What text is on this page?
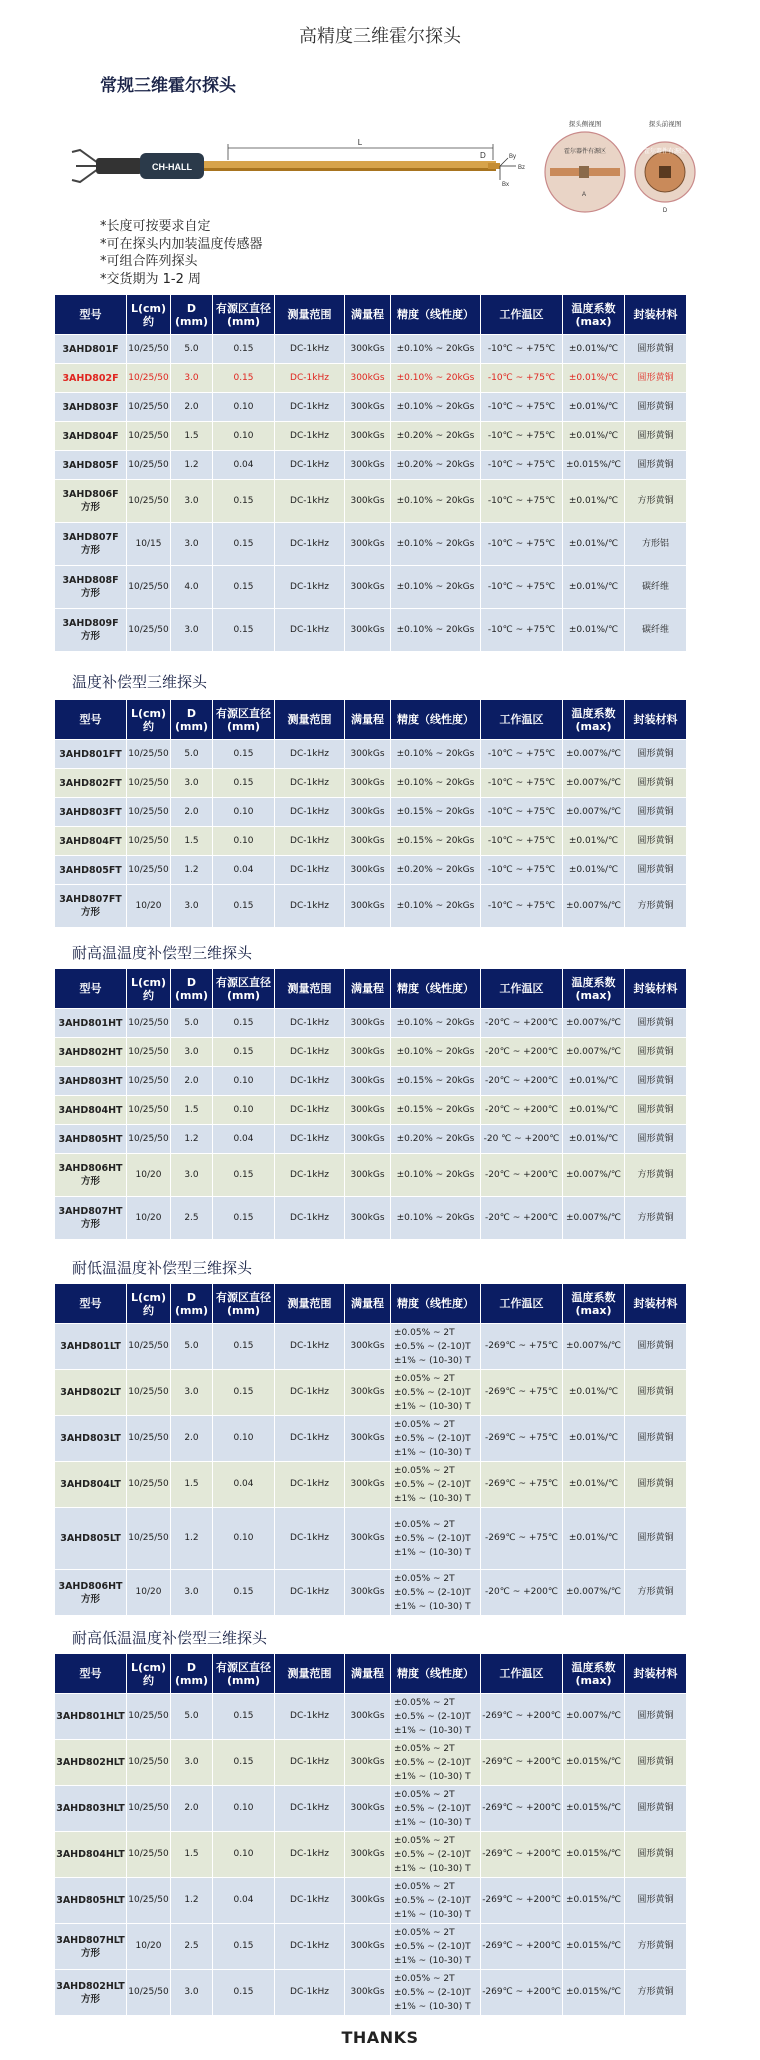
高精度三维霍尔探头
常规三维霍尔探头
CH-HALL
L
D
Bz
By
Bx
探头侧视图
霍尔器件有源区
A
探头前视图
霍尔器件有源区
D
*长度可按要求自定
*可在探头内加装温度传感器
*可组合阵列探头
*交货期为 1-2 周
温度补偿型三维探头
耐高温温度补偿型三维探头
耐低温温度补偿型三维探头
耐高低温温度补偿型三维探头
型号	L(cm)约	D
(mm)	有源区直径
(mm)	测量范围	满量程	精度（线性度）	工作温区	温度系数
(max)	封装材料
3AHD801F	10/25/50	5.0	0.15	DC-1kHz	300kGs	±0.10% ~ 20kGs	-10℃ ~ +75℃	±0.01%/℃	圆形黄铜
3AHD802F	10/25/50	3.0	0.15	DC-1kHz	300kGs	±0.10% ~ 20kGs	-10℃ ~ +75℃	±0.01%/℃	圆形黄铜
3AHD803F	10/25/50	2.0	0.10	DC-1kHz	300kGs	±0.10% ~ 20kGs	-10℃ ~ +75℃	±0.01%/℃	圆形黄铜
3AHD804F	10/25/50	1.5	0.10	DC-1kHz	300kGs	±0.20% ~ 20kGs	-10℃ ~ +75℃	±0.01%/℃	圆形黄铜
3AHD805F	10/25/50	1.2	0.04	DC-1kHz	300kGs	±0.20% ~ 20kGs	-10℃ ~ +75℃	±0.015%/℃	圆形黄铜
3AHD806F
方形	10/25/50	3.0	0.15	DC-1kHz	300kGs	±0.10% ~ 20kGs	-10℃ ~ +75℃	±0.01%/℃	方形黄铜
3AHD807F
方形	10/15	3.0	0.15	DC-1kHz	300kGs	±0.10% ~ 20kGs	-10℃ ~ +75℃	±0.01%/℃	方形铝
3AHD808F
方形	10/25/50	4.0	0.15	DC-1kHz	300kGs	±0.10% ~ 20kGs	-10℃ ~ +75℃	±0.01%/℃	碳纤维
3AHD809F
方形	10/25/50	3.0	0.15	DC-1kHz	300kGs	±0.10% ~ 20kGs	-10℃ ~ +75℃	±0.01%/℃	碳纤维
型号	L(cm)约	D
(mm)	有源区直径
(mm)	测量范围	满量程	精度（线性度）	工作温区	温度系数
(max)	封装材料
3AHD801FT	10/25/50	5.0	0.15	DC-1kHz	300kGs	±0.10% ~ 20kGs	-10℃ ~ +75℃	±0.007%/℃	圆形黄铜
3AHD802FT	10/25/50	3.0	0.15	DC-1kHz	300kGs	±0.10% ~ 20kGs	-10℃ ~ +75℃	±0.007%/℃	圆形黄铜
3AHD803FT	10/25/50	2.0	0.10	DC-1kHz	300kGs	±0.15% ~ 20kGs	-10℃ ~ +75℃	±0.007%/℃	圆形黄铜
3AHD804FT	10/25/50	1.5	0.10	DC-1kHz	300kGs	±0.15% ~ 20kGs	-10℃ ~ +75℃	±0.01%/℃	圆形黄铜
3AHD805FT	10/25/50	1.2	0.04	DC-1kHz	300kGs	±0.20% ~ 20kGs	-10℃ ~ +75℃	±0.01%/℃	圆形黄铜
3AHD807FT
方形	10/20	3.0	0.15	DC-1kHz	300kGs	±0.10% ~ 20kGs	-10℃ ~ +75℃	±0.007%/℃	方形黄铜
型号	L(cm)约	D
(mm)	有源区直径
(mm)	测量范围	满量程	精度（线性度）	工作温区	温度系数
(max)	封装材料
3AHD801HT	10/25/50	5.0	0.15	DC-1kHz	300kGs	±0.10% ~ 20kGs	-20℃ ~ +200℃	±0.007%/℃	圆形黄铜
3AHD802HT	10/25/50	3.0	0.15	DC-1kHz	300kGs	±0.10% ~ 20kGs	-20℃ ~ +200℃	±0.007%/℃	圆形黄铜
3AHD803HT	10/25/50	2.0	0.10	DC-1kHz	300kGs	±0.15% ~ 20kGs	-20℃ ~ +200℃	±0.01%/℃	圆形黄铜
3AHD804HT	10/25/50	1.5	0.10	DC-1kHz	300kGs	±0.15% ~ 20kGs	-20℃ ~ +200℃	±0.01%/℃	圆形黄铜
3AHD805HT	10/25/50	1.2	0.04	DC-1kHz	300kGs	±0.20% ~ 20kGs	-20 ℃ ~ +200℃	±0.01%/℃	圆形黄铜
3AHD806HT
方形	10/20	3.0	0.15	DC-1kHz	300kGs	±0.10% ~ 20kGs	-20℃ ~ +200℃	±0.007%/℃	方形黄铜
3AHD807HT
方形	10/20	2.5	0.15	DC-1kHz	300kGs	±0.10% ~ 20kGs	-20℃ ~ +200℃	±0.007%/℃	方形黄铜
型号	L(cm)约	D
(mm)	有源区直径
(mm)	测量范围	满量程	精度（线性度）	工作温区	温度系数
(max)	封装材料
3AHD801LT	10/25/50	5.0	0.15	DC-1kHz	300kGs	±0.05% ~ 2T
±0.5% ~ (2-10)T
±1% ~ (10-30) T	-269℃ ~ +75℃	±0.007%/℃	圆形黄铜
3AHD802LT	10/25/50	3.0	0.15	DC-1kHz	300kGs	±0.05% ~ 2T
±0.5% ~ (2-10)T
±1% ~ (10-30) T	-269℃ ~ +75℃	±0.01%/℃	圆形黄铜
3AHD803LT	10/25/50	2.0	0.10	DC-1kHz	300kGs	±0.05% ~ 2T
±0.5% ~ (2-10)T
±1% ~ (10-30) T	-269℃ ~ +75℃	±0.01%/℃	圆形黄铜
3AHD804LT	10/25/50	1.5	0.04	DC-1kHz	300kGs	±0.05% ~ 2T
±0.5% ~ (2-10)T
±1% ~ (10-30) T	-269℃ ~ +75℃	±0.01%/℃	圆形黄铜
3AHD805LT	10/25/50	1.2	0.10	DC-1kHz	300kGs	±0.05% ~ 2T
±0.5% ~ (2-10)T
±1% ~ (10-30) T	-269℃ ~ +75℃	±0.01%/℃	圆形黄铜
3AHD806HT
方形	10/20	3.0	0.15	DC-1kHz	300kGs	±0.05% ~ 2T
±0.5% ~ (2-10)T
±1% ~ (10-30) T	-20℃ ~ +200℃	±0.007%/℃	方形黄铜
型号	L(cm)约	D
(mm)	有源区直径
(mm)	测量范围	满量程	精度（线性度）	工作温区	温度系数
(max)	封装材料
3AHD801HLT	10/25/50	5.0	0.15	DC-1kHz	300kGs	±0.05% ~ 2T
±0.5% ~ (2-10)T
±1% ~ (10-30) T	-269℃ ~ +200℃	±0.007%/℃	圆形黄铜
3AHD802HLT	10/25/50	3.0	0.15	DC-1kHz	300kGs	±0.05% ~ 2T
±0.5% ~ (2-10)T
±1% ~ (10-30) T	-269℃ ~ +200℃	±0.015%/℃	圆形黄铜
3AHD803HLT	10/25/50	2.0	0.10	DC-1kHz	300kGs	±0.05% ~ 2T
±0.5% ~ (2-10)T
±1% ~ (10-30) T	-269℃ ~ +200℃	±0.015%/℃	圆形黄铜
3AHD804HLT	10/25/50	1.5	0.10	DC-1kHz	300kGs	±0.05% ~ 2T
±0.5% ~ (2-10)T
±1% ~ (10-30) T	-269℃ ~ +200℃	±0.015%/℃	圆形黄铜
3AHD805HLT	10/25/50	1.2	0.04	DC-1kHz	300kGs	±0.05% ~ 2T
±0.5% ~ (2-10)T
±1% ~ (10-30) T	-269℃ ~ +200℃	±0.015%/℃	圆形黄铜
3AHD807HLT
方形	10/20	2.5	0.15	DC-1kHz	300kGs	±0.05% ~ 2T
±0.5% ~ (2-10)T
±1% ~ (10-30) T	-269℃ ~ +200℃	±0.015%/℃	方形黄铜
3AHD802HLT
方形	10/25/50	3.0	0.15	DC-1kHz	300kGs	±0.05% ~ 2T
±0.5% ~ (2-10)T
±1% ~ (10-30) T	-269℃ ~ +200℃	±0.015%/℃	方形黄铜
THANKS
